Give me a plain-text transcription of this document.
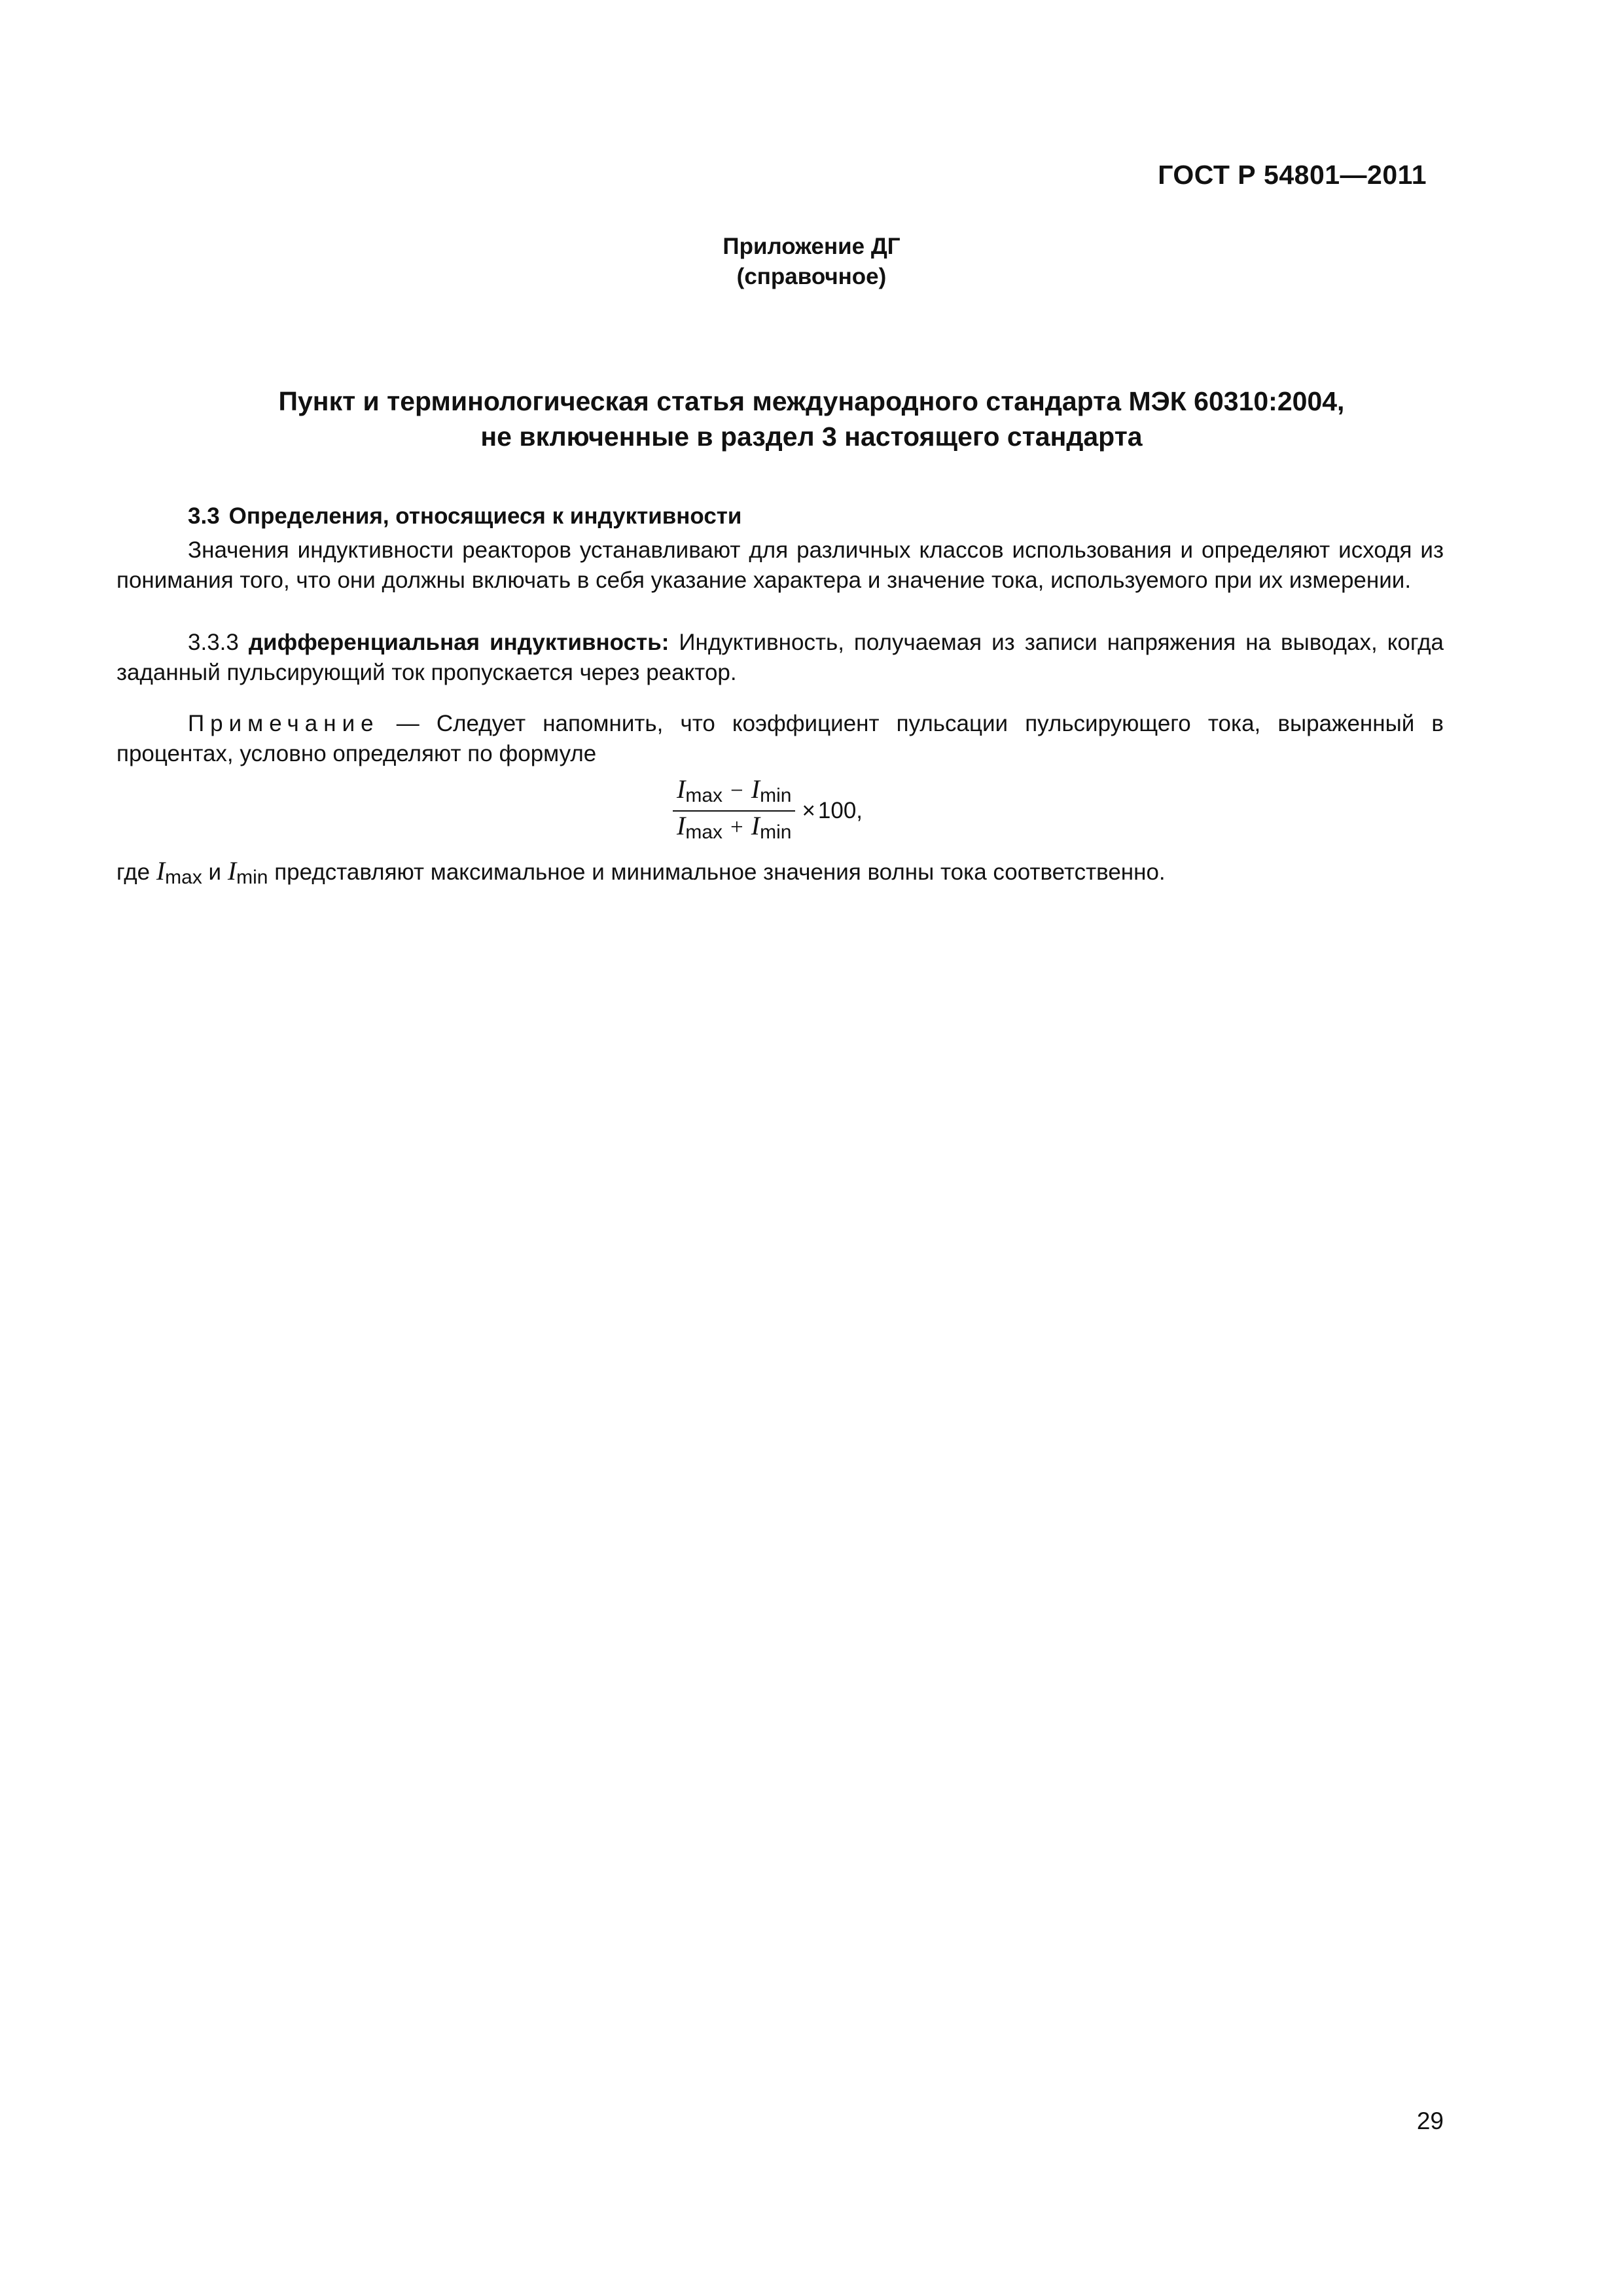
ГОСТ Р 54801—2011
Приложение ДГ
(справочное)
Пункт и терминологическая статья международного стандарта МЭК 60310:2004,
не включенные в раздел 3 настоящего стандарта
3.3 Определения, относящиеся к индуктивности
Значения индуктивности реакторов устанавливают для различных классов использования и определяют исходя из понимания того, что они должны включать в себя указание характера и значение тока, используемого при их измерении.
3.3.3 дифференциальная индуктивность: Индуктивность, получаемая из записи напряжения на выводах, когда заданный пульсирующий ток пропускается через реактор.
Примечание — Следует напомнить, что коэффициент пульсации пульсирующего тока, выраженный в процентах, условно определяют по формуле
$\frac{Imax - Imin}{Imax + Imin} \times 100$,
где Imax и Imin представляют максимальное и минимальное значения волны тока соответственно.
29
